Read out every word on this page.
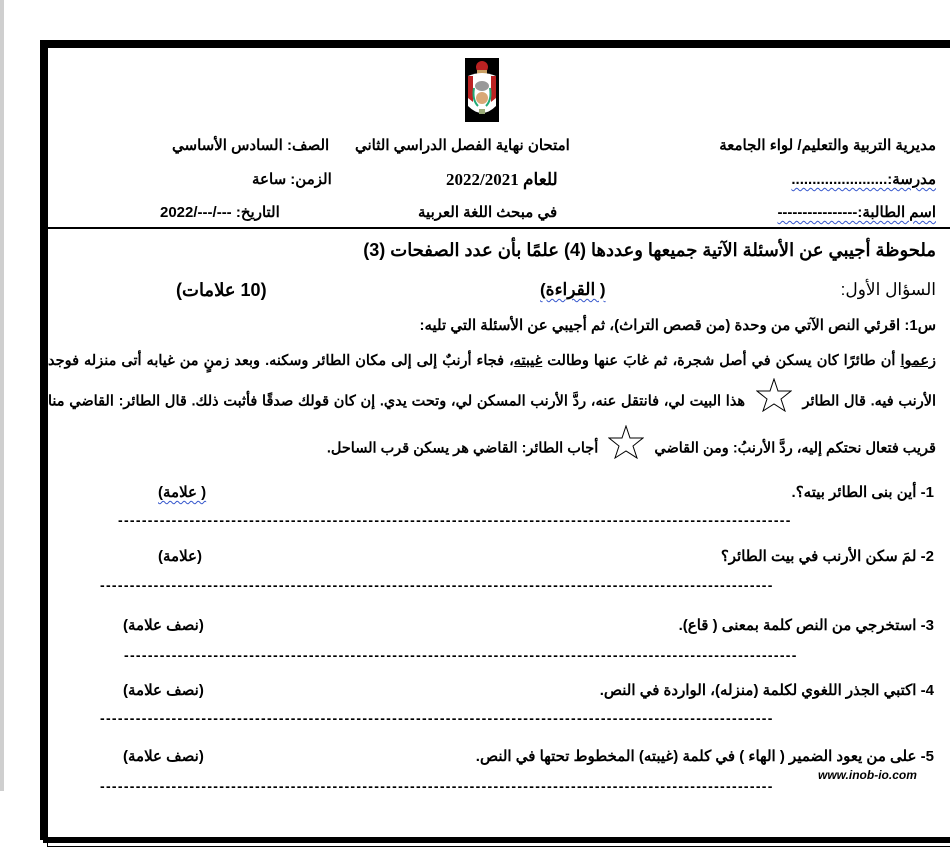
مديرية التربية والتعليم/ لواء الجامعة
امتحان نهاية الفصل الدراسي الثاني
الصف: السادس الأساسي
مدرسة:.......................
للعام 2022/2021
الزمن: ساعة
اسم الطالبة:----------------
في مبحث اللغة العربية
التاريخ: ---/---/2022
ملحوظة أجيبي عن الأسئلة الآتية جميعها وعددها (4) علمًا بأن عدد الصفحات (3)
السؤال الأول:
( القراءة)
(10 علامات)
س1: اقرئي النص الآتي من وحدة (من قصص التراث)، ثم أجيبي عن الأسئلة التي تليه:
زعموا أن طائرًا كان يسكن في أصل شجرة، ثم غابَ عنها وطالت غيبته، فجاء أرنبٌ إلى إلى مكان الطائر وسكنه. وبعد زمنٍ من غيابه أتى منزله فوجد الأرنب فيه. قال الطائر  هذا البيت لي، فانتقل عنه، ردَّ الأرنب المسكن لي، وتحت يدي. إن كان قولك صدقًا فأثبت ذلك. قال الطائر: القاضي منا قريب فتعال نحتكم إليه، ردَّ الأرنبُ: ومن القاضي  أجاب الطائر: القاضي هر يسكن قرب الساحل.
1- أين بنى الطائر بيته؟.
( علامة)
-----------------------------------------------------------------------------------------------------------------
2- لمَ سكن الأرنب في بيت الطائر؟
(علامة)
-----------------------------------------------------------------------------------------------------------------
3- استخرجي من النص كلمة بمعنى ( قاع).
(نصف علامة)
-----------------------------------------------------------------------------------------------------------------
4- اكتبي الجذر اللغوي لكلمة (منزله)، الواردة في النص.
(نصف علامة)
-----------------------------------------------------------------------------------------------------------------
5- على من يعود الضمير ( الهاء ) في كلمة (غيبته) المخطوط تحتها في النص.
(نصف علامة)
-----------------------------------------------------------------------------------------------------------------
www.inob-io.com
